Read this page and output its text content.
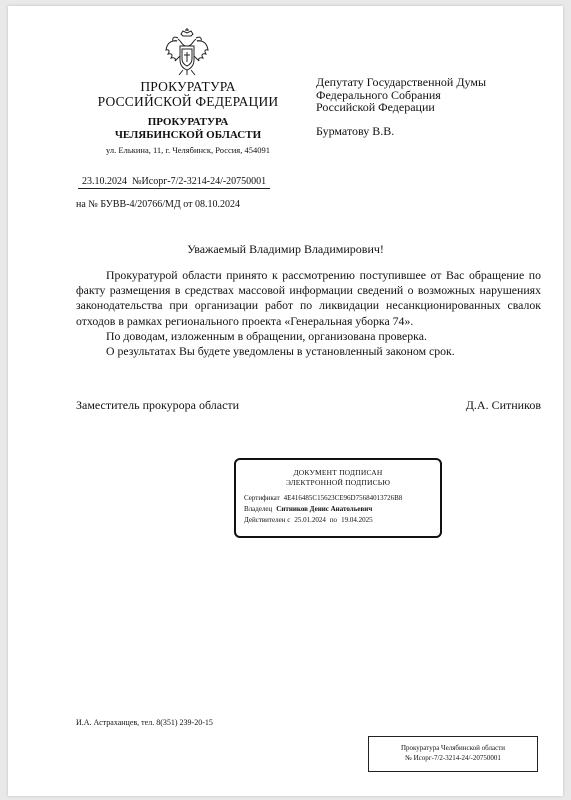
ПРОКУРАТУРА
РОССИЙСКОЙ ФЕДЕРАЦИИ
ПРОКУРАТУРА
ЧЕЛЯБИНСКОЙ ОБЛАСТИ
ул. Елькина, 11, г. Челябинск, Россия, 454091
23.10.2024  №Исорг-7/2-3214-24/-20750001
на № БУВВ-4/20766/МД от 08.10.2024
Депутату Государственной Думы
Федерального Собрания
Российской Федерации
Бурматову В.В.
Уважаемый Владимир Владимирович!

Прокуратурой области принято к рассмотрению поступившее от Вас обращение по факту размещения в средствах массовой информации сведений о возможных нарушениях законодательства при организации работ по ликвидации несанкционированных свалок отходов в рамках регионального проекта «Генеральная уборка 74».

По доводам, изложенным в обращении, организована проверка.

О результатах Вы будете уведомлены в установленный законом срок.

Заместитель прокурора области	Д.А. Ситников
ДОКУМЕНТ ПОДПИСАН
ЭЛЕКТРОННОЙ ПОДПИСЬЮ
Сертификат 4E416485C15623CE96D75684013726B8
Владелец Ситников Денис Анатольевич
Действителен с 25.01.2024 по 19.04.2025
И.А. Астраханцев, тел. 8(351) 239-20-15
Прокуратура Челябинской области
№ Исорг-7/2-3214-24/-20750001
